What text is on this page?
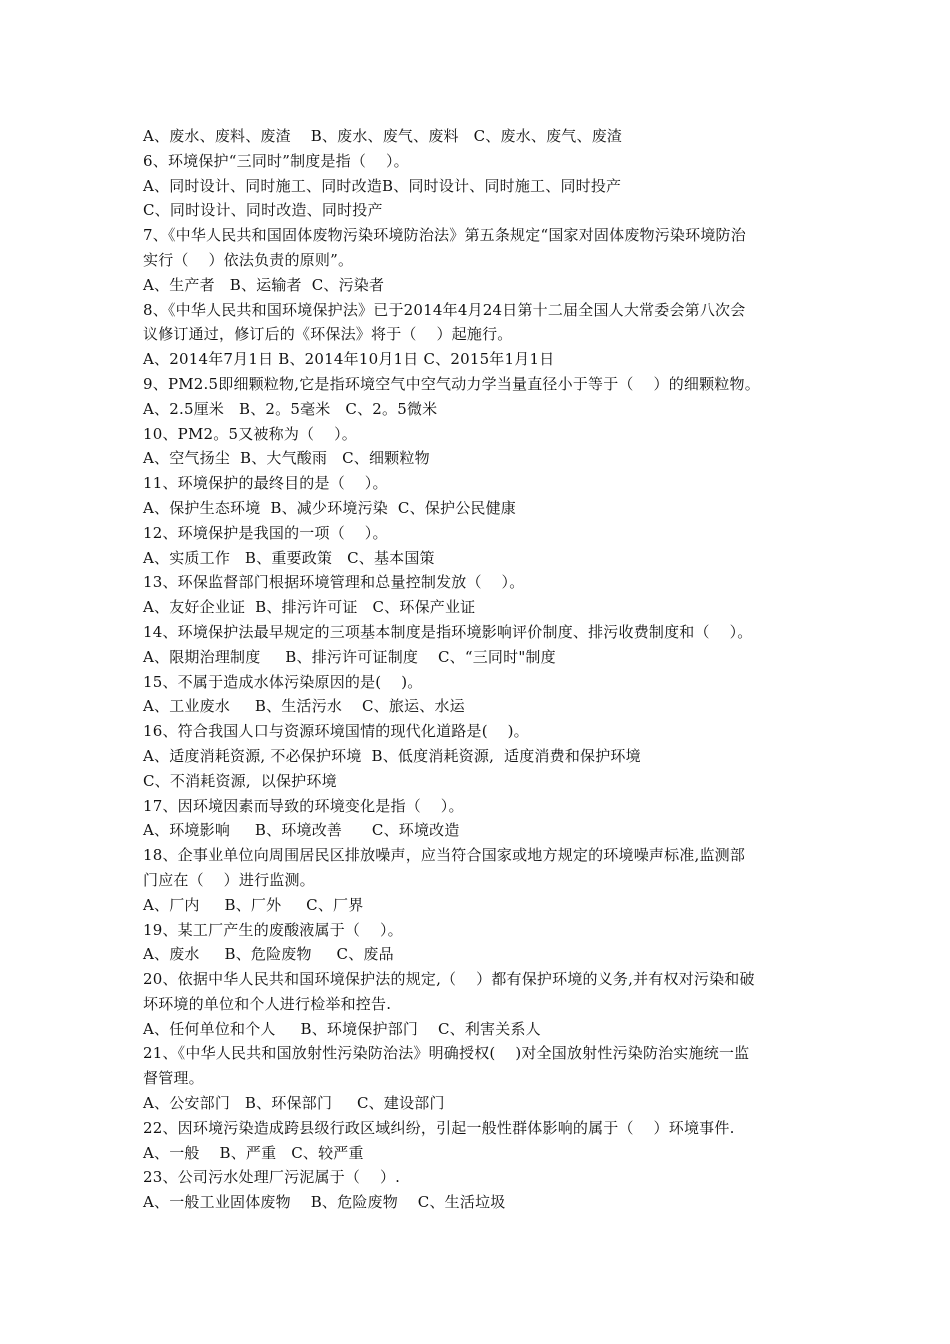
A、废水、废料、废渣    B、废水、废气、废料   C、废水、废气、废渣
6、环境保护“三同时”制度是指（    ）。
A、同时设计、同时施工、同时改造B、同时设计、同时施工、同时投产
C、同时设计、同时改造、同时投产
7、《中华人民共和国固体废物污染环境防治法》第五条规定“国家对固体废物污染环境防治
实行（    ）依法负责的原则”。
A、生产者   B、运输者  C、污染者
8、《中华人民共和国环境保护法》已于2014年4月24日第十二届全国人大常委会第八次会
议修订通过，修订后的《环保法》将于（    ）起施行。
A、2014年7月1日 B、2014年10月1日 C、2015年1月1日
9、PM2.5即细颗粒物,它是指环境空气中空气动力学当量直径小于等于（    ）的细颗粒物。
A、2.5厘米   B、2。5毫米   C、2。5微米
10、PM2。5又被称为（    ）。
A、空气扬尘  B、大气酸雨   C、细颗粒物
11、环境保护的最终目的是（    ）。
A、保护生态环境  B、减少环境污染  C、保护公民健康
12、环境保护是我国的一项（    ）。
A、实质工作   B、重要政策   C、基本国策
13、环保监督部门根据环境管理和总量控制发放（    ）。
A、友好企业证  B、排污许可证   C、环保产业证
14、环境保护法最早规定的三项基本制度是指环境影响评价制度、排污收费制度和（    ）。
A、限期治理制度     B、排污许可证制度    C、“三同时"制度
15、不属于造成水体污染原因的是(    )。
A、工业废水     B、生活污水    C、旅运、水运
16、符合我国人口与资源环境国情的现代化道路是(    )。
A、适度消耗资源, 不必保护环境  B、低度消耗资源,  适度消费和保护环境
C、不消耗资源,  以保护环境
17、因环境因素而导致的环境变化是指（    ）。
A、环境影响     B、环境改善      C、环境改造
18、企事业单位向周围居民区排放噪声，应当符合国家或地方规定的环境噪声标准,监测部
门应在（    ）进行监测。
A、厂内     B、厂外     C、厂界
19、某工厂产生的废酸液属于（    ）。
A、废水     B、危险废物     C、废品
20、依据中华人民共和国环境保护法的规定,（    ）都有保护环境的义务,并有权对污染和破
坏环境的单位和个人进行检举和控告.
A、任何单位和个人     B、环境保护部门    C、利害关系人
21、《中华人民共和国放射性污染防治法》明确授权(    )对全国放射性污染防治实施统一监
督管理。
A、公安部门   B、环保部门     C、建设部门
22、因环境污染造成跨县级行政区域纠纷，引起一般性群体影响的属于（    ）环境事件.
A、一般    B、严重   C、较严重
23、公司污水处理厂污泥属于（    ）.
A、一般工业固体废物    B、危险废物    C、生活垃圾
